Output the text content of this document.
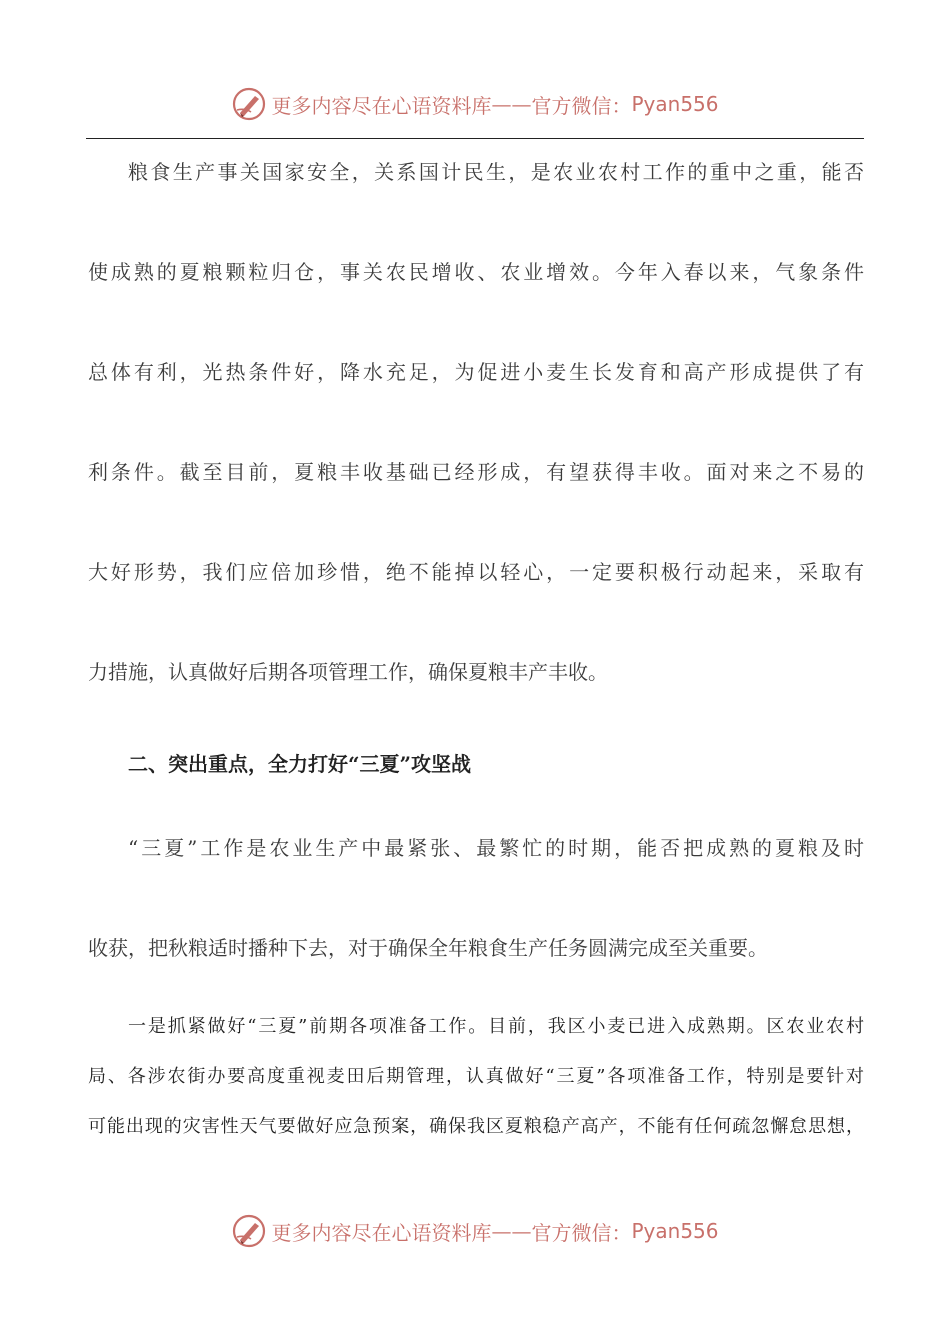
更多内容尽在心语资料库 —— 官方微信： Pyan556
粮食生产事关国家安全，关系国计民生，是农业农村工作的重中之重，能否
使成熟的夏粮颗粒归仓，事关农民增收、农业增效。今年入春以来，气象条件
总体有利，光热条件好，降水充足，为促进小麦生长发育和高产形成提供了有
利条件。截至目前，夏粮丰收基础已经形成，有望获得丰收。面对来之不易的
大好形势，我们应倍加珍惜，绝不能掉以轻心，一定要积极行动起来，采取有
力措施，认真做好后期各项管理工作，确保夏粮丰产丰收。
二、突出重点，全力打好“三夏”攻坚战
“三夏”工作是农业生产中最紧张、最繁忙的时期，能否把成熟的夏粮及时
收获，把秋粮适时播种下去，对于确保全年粮食生产任务圆满完成至关重要。
一是抓紧做好“三夏”前期各项准备工作。目前，我区小麦已进入成熟期。区农业农村
局、各涉农街办要高度重视麦田后期管理，认真做好“三夏”各项准备工作，特别是要针对
可能出现的灾害性天气要做好应急预案，确保我区夏粮稳产高产，不能有任何疏忽懈怠思想，
更多内容尽在心语资料库 —— 官方微信： Pyan556
